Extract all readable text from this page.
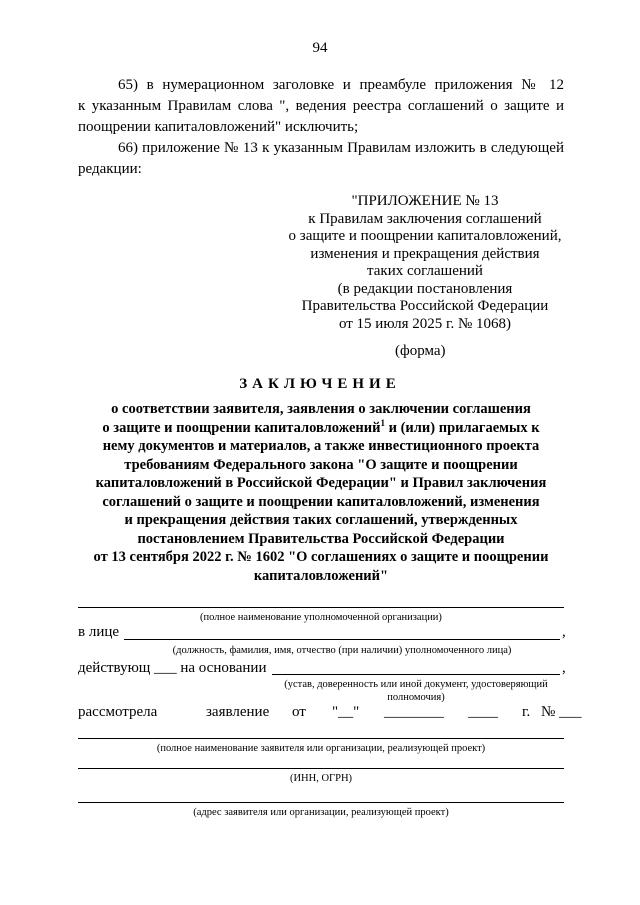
94
65) в нумерационном заголовке и преамбуле приложения № 12
к указанным Правилам слова ", ведения реестра соглашений о защите и поощрении капиталовложений" исключить;
66) приложение № 13 к указанным Правилам изложить в следующей редакции:
"ПРИЛОЖЕНИЕ № 13
к Правилам заключения соглашений
о защите и поощрении капиталовложений,
изменения и прекращения действия
таких соглашений
(в редакции постановления
Правительства Российской Федерации
от 15 июля 2025 г. № 1068)
(форма)
ЗАКЛЮЧЕНИЕ
о соответствии заявителя, заявления о заключении соглашения
о защите и поощрении капиталовложений$^1$ и (или) прилагаемых к
нему документов и материалов, а также инвестиционного проекта
требованиям Федерального закона "О защите и поощрении
капиталовложений в Российской Федерации" и Правил заключения
соглашений о защите и поощрении капиталовложений, изменения
и прекращения действия таких соглашений, утвержденных
постановлением Правительства Российской Федерации
от 13 сентября 2022 г. № 1602 "О соглашениях о защите и поощрении
капиталовложений"
(полное наименование уполномоченной организации)
в лице	,
(должность, фамилия, имя, отчество (при наличии) уполномоченного лица)
действующ ___ на основании	,
(устав, доверенность или иной документ, удостоверяющий
полномочия)
рассмотрела	заявление от "__" ________ ____ г. № ___
(полное наименование заявителя или организации, реализующей проект)
(ИНН, ОГРН)
(адрес заявителя или организации, реализующей проект)
